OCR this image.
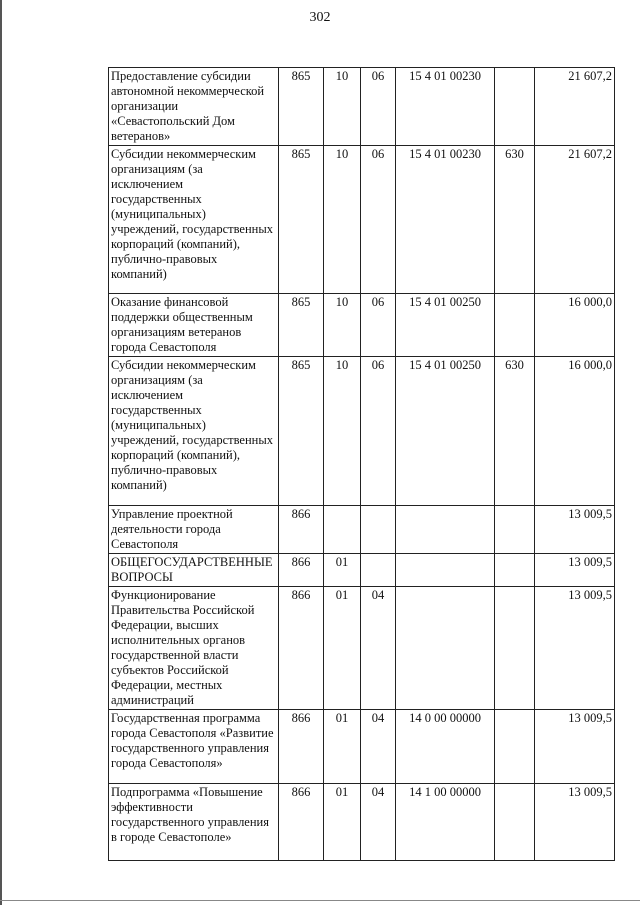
302
Предоставление субсидии автономной некоммерческой организации «Севастопольский Дом ветеранов»	865	10	06	15 4 01 00230		21 607,2
Субсидии некоммерческим организациям (за исключением государственных (муниципальных) учреждений, государственных корпораций (компаний), публично-правовых компаний)	865	10	06	15 4 01 00230	630	21 607,2
Оказание финансовой поддержки общественным организациям ветеранов города Севастополя	865	10	06	15 4 01 00250		16 000,0
Субсидии некоммерческим организациям (за исключением государственных (муниципальных) учреждений, государственных корпораций (компаний), публично-правовых компаний)	865	10	06	15 4 01 00250	630	16 000,0
Управление проектной деятельности города Севастополя	866					13 009,5
ОБЩЕГОСУДАРСТВЕННЫЕ ВОПРОСЫ	866	01				13 009,5
Функционирование Правительства Российской Федерации, высших исполнительных органов государственной власти субъектов Российской Федерации, местных администраций	866	01	04			13 009,5
Государственная программа города Севастополя «Развитие государственного управления города Севастополя»	866	01	04	14 0 00 00000		13 009,5
Подпрограмма «Повышение эффективности государственного управления в городе Севастополе»	866	01	04	14 1 00 00000		13 009,5
